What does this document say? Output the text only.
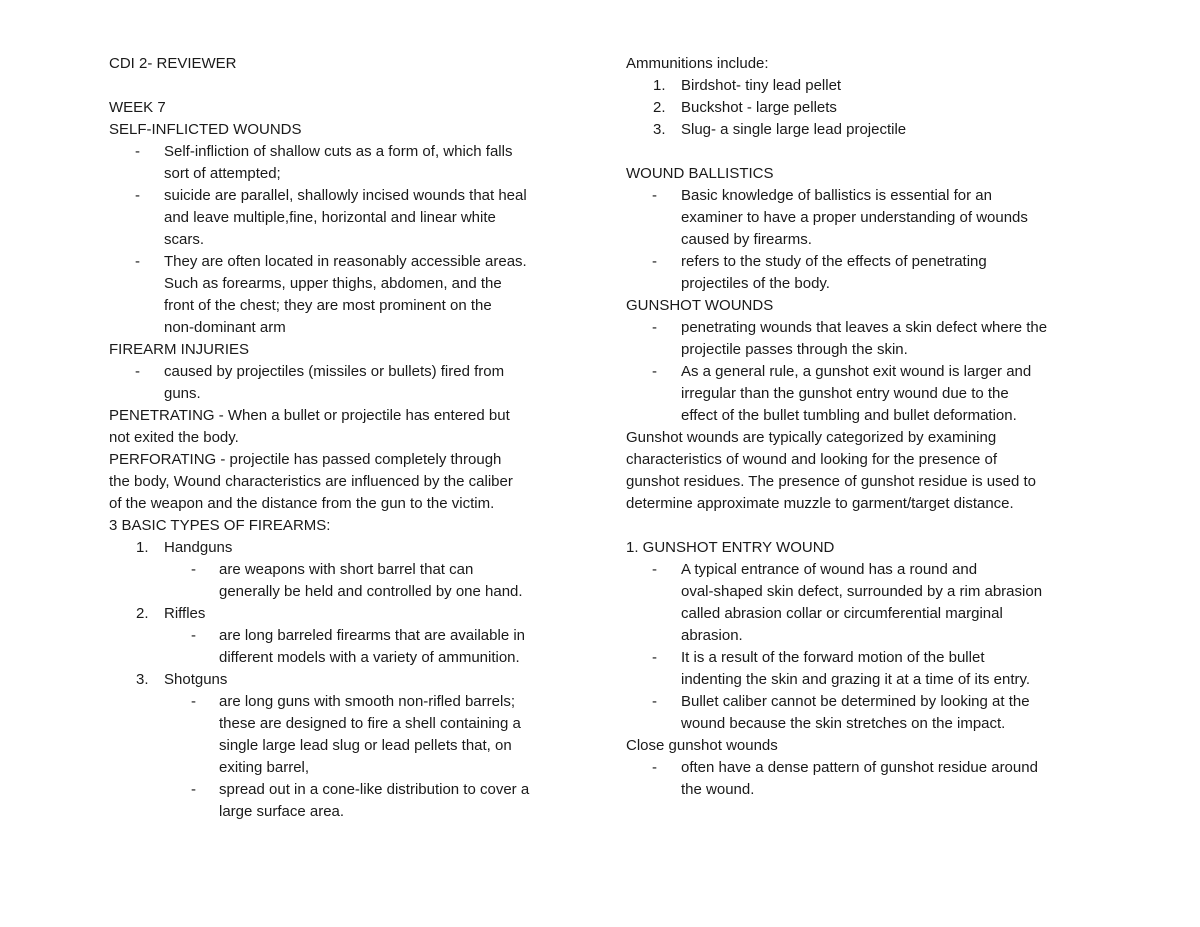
CDI 2- REVIEWER
WEEK 7
SELF-INFLICTED WOUNDS
- Self-infliction of shallow cuts as a form of, which falls
sort of attempted;
- suicide are parallel, shallowly incised wounds that heal
and leave multiple,fine, horizontal and linear white
scars.
- They are often located in reasonably accessible areas.
Such as forearms, upper thighs, abdomen, and the
front of the chest; they are most prominent on the
non-dominant arm
FIREARM INJURIES
- caused by projectiles (missiles or bullets) fired from
guns.
PENETRATING - When a bullet or projectile has entered but
not exited the body.
PERFORATING - projectile has passed completely through
the body, Wound characteristics are influenced by the caliber
of the weapon and the distance from the gun to the victim.
3 BASIC TYPES OF FIREARMS:
1. Handguns
- are weapons with short barrel that can
generally be held and controlled by one hand.
2. Riffles
- are long barreled firearms that are available in
different models with a variety of ammunition.
3. Shotguns
- are long guns with smooth non-rifled barrels;
these are designed to fire a shell containing a
single large lead slug or lead pellets that, on
exiting barrel,
- spread out in a cone-like distribution to cover a
large surface area.
Ammunitions include:
1. Birdshot- tiny lead pellet
2. Buckshot - large pellets
3. Slug- a single large lead projectile
WOUND BALLISTICS
- Basic knowledge of ballistics is essential for an
examiner to have a proper understanding of wounds
caused by firearms.
- refers to the study of the effects of penetrating
projectiles of the body.
GUNSHOT WOUNDS
- penetrating wounds that leaves a skin defect where the
projectile passes through the skin.
- As a general rule, a gunshot exit wound is larger and
irregular than the gunshot entry wound due to the
effect of the bullet tumbling and bullet deformation.
Gunshot wounds are typically categorized by examining
characteristics of wound and looking for the presence of
gunshot residues. The presence of gunshot residue is used to
determine approximate muzzle to garment/target distance.
1. GUNSHOT ENTRY WOUND
- A typical entrance of wound has a round and
oval-shaped skin defect, surrounded by a rim abrasion
called abrasion collar or circumferential marginal
abrasion.
- It is a result of the forward motion of the bullet
indenting the skin and grazing it at a time of its entry.
- Bullet caliber cannot be determined by looking at the
wound because the skin stretches on the impact.
Close gunshot wounds
- often have a dense pattern of gunshot residue around
the wound.
